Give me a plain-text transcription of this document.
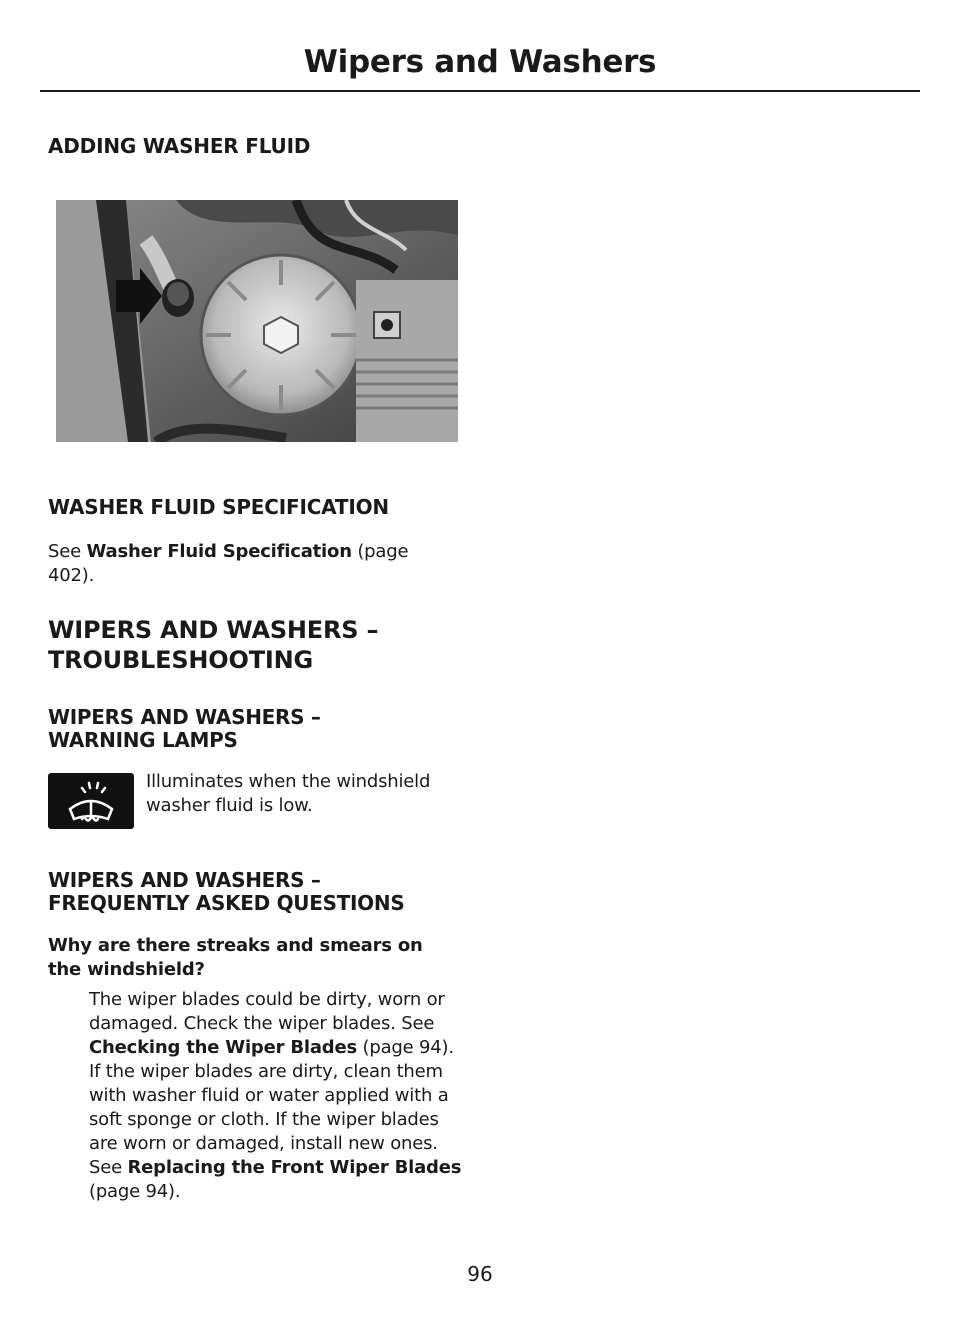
Wipers and Washers

ADDING WASHER FLUID

WASHER FLUID SPECIFICATION

See Washer Fluid Specification (page 402).

WIPERS AND WASHERS –

TROUBLESHOOTING

WIPERS AND WASHERS –

WARNING LAMPS

Illuminates when the windshield washer fluid is low.

WIPERS AND WASHERS –

FREQUENTLY ASKED QUESTIONS

Why are there streaks and smears on the windshield?

The wiper blades could be dirty, worn or damaged. Check the wiper blades. See Checking the Wiper Blades (page 94). If the wiper blades are dirty, clean them with washer fluid or water applied with a soft sponge or cloth. If the wiper blades are worn or damaged, install new ones. See Replacing the Front Wiper Blades (page 94).

96
